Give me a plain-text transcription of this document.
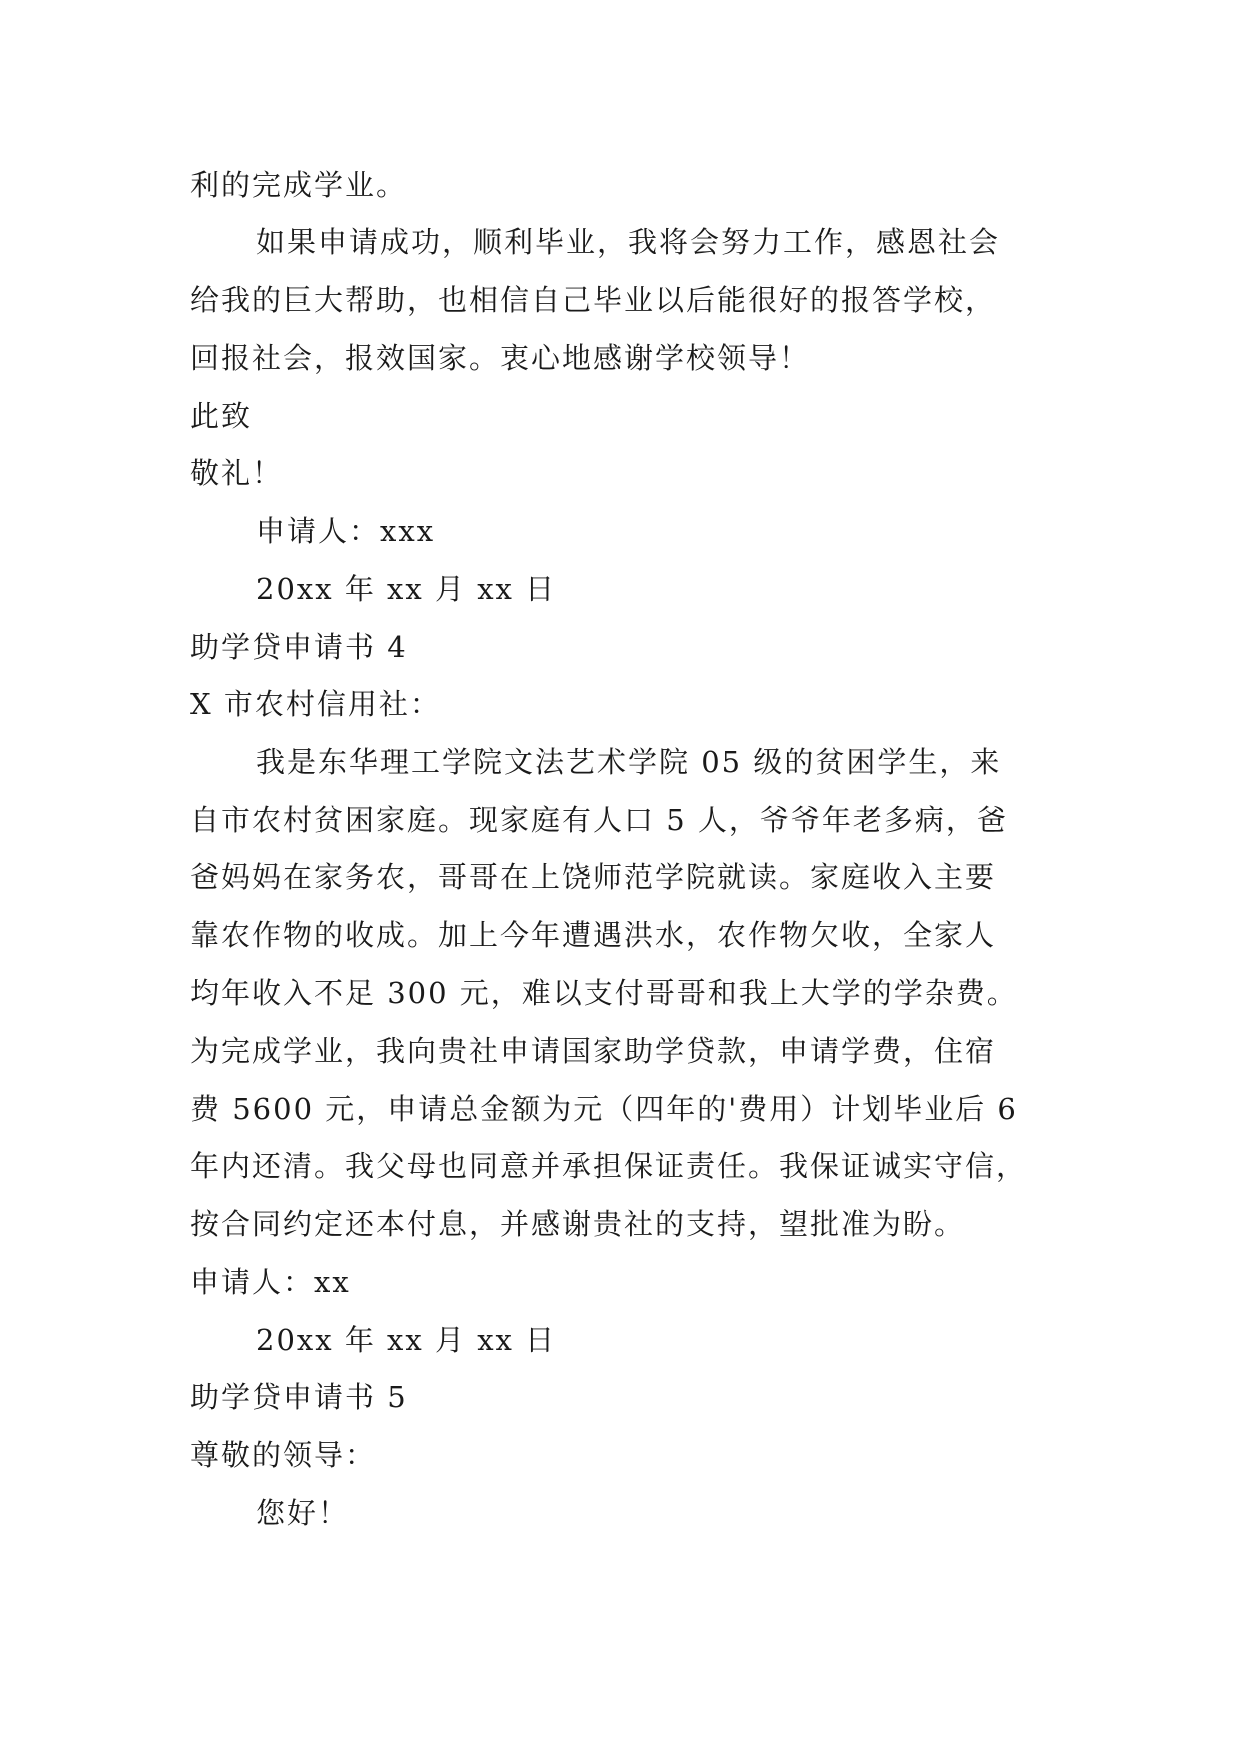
利的完成学业。
如果申请成功，顺利毕业，我将会努力工作，感恩社会
给我的巨大帮助，也相信自己毕业以后能很好的报答学校，
回报社会，报效国家。衷心地感谢学校领导！
此致
敬礼！
申请人：xxx
20xx 年 xx 月 xx 日
助学贷申请书 4
X 市农村信用社：
我是东华理工学院文法艺术学院 05 级的贫困学生，来
自市农村贫困家庭。现家庭有人口 5 人，爷爷年老多病，爸
爸妈妈在家务农，哥哥在上饶师范学院就读。家庭收入主要
靠农作物的收成。加上今年遭遇洪水，农作物欠收，全家人
均年收入不足 300 元，难以支付哥哥和我上大学的学杂费。
为完成学业，我向贵社申请国家助学贷款，申请学费，住宿
费 5600 元，申请总金额为元（四年的'费用）计划毕业后 6
年内还清。我父母也同意并承担保证责任。我保证诚实守信，
按合同约定还本付息，并感谢贵社的支持，望批准为盼。
申请人：xx
20xx 年 xx 月 xx 日
助学贷申请书 5
尊敬的领导：
您好！
